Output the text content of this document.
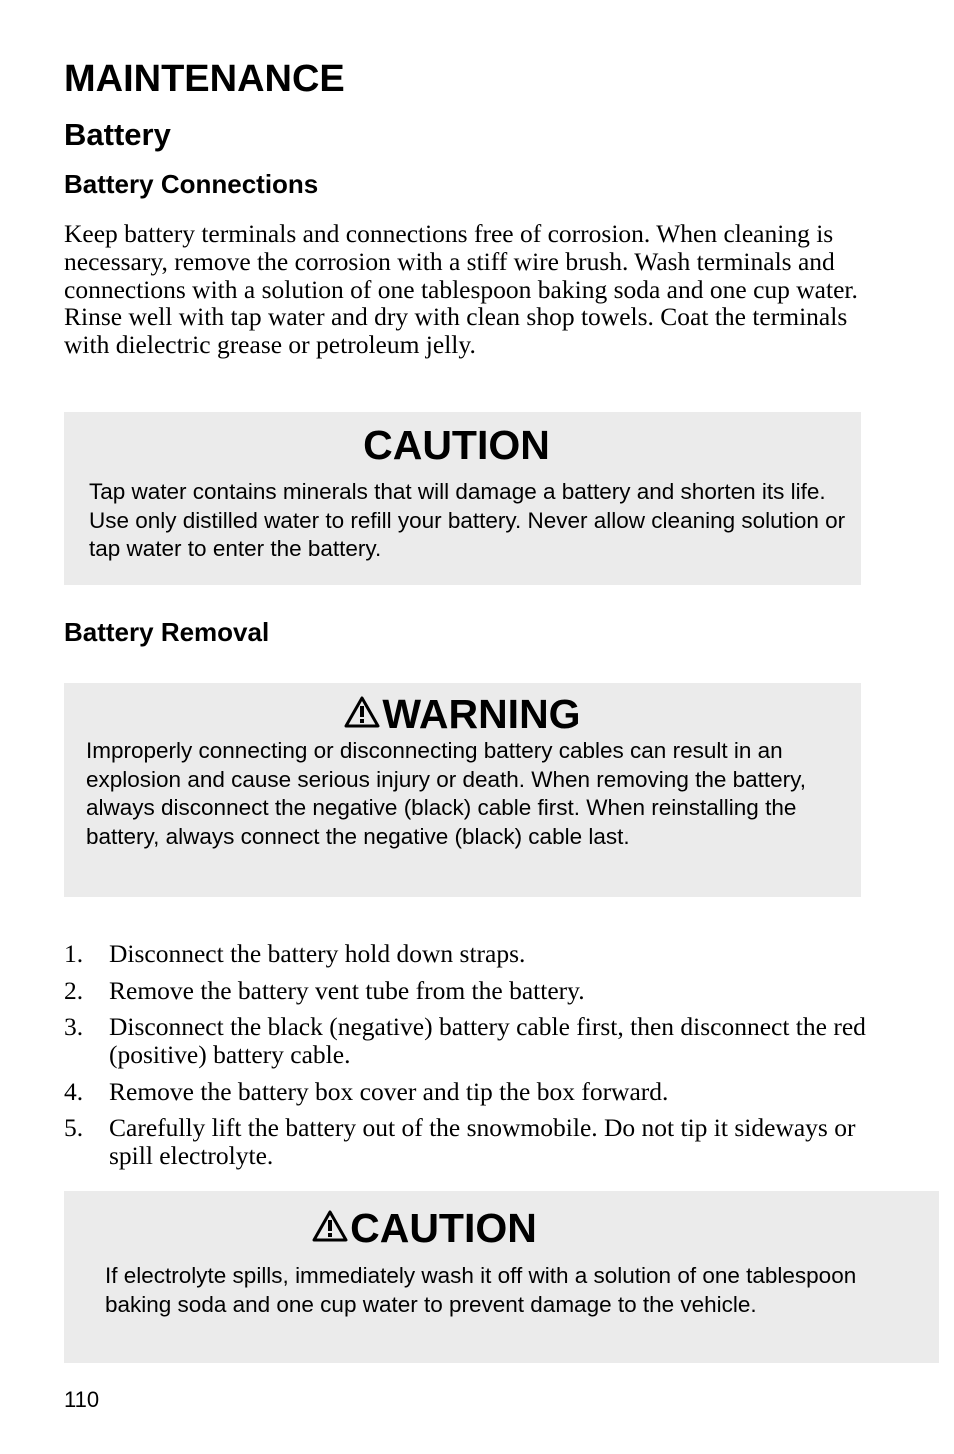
MAINTENANCE
Battery
Battery Connections

Keep battery terminals and connections free of corrosion. When cleaning is necessary, remove the corrosion with a stiff wire brush. Wash terminals and connections with a solution of one tablespoon baking soda and one cup water. Rinse well with tap water and dry with clean shop towels. Coat the terminals with dielectric grease or petroleum jelly.

CAUTION

Tap water contains minerals that will damage a battery and shorten its life. Use only distilled water to refill your battery. Never allow cleaning solution or tap water to enter the battery.

Battery Removal
WARNING

Improperly connecting or disconnecting battery cables can result in an explosion and cause serious injury or death. When removing the battery, always disconnect the negative (black) cable first. When reinstalling the battery, always connect the negative (black) cable last.

1. Disconnect the battery hold down straps.
2. Remove the battery vent tube from the battery.
3. Disconnect the black (negative) battery cable first, then disconnect the red (positive) battery cable.
4. Remove the battery box cover and tip the box forward.
5. Carefully lift the battery out of the snowmobile. Do not tip it sideways or spill electrolyte.
CAUTION

If electrolyte spills, immediately wash it off with a solution of one tablespoon baking soda and one cup water to prevent damage to the vehicle.

110
